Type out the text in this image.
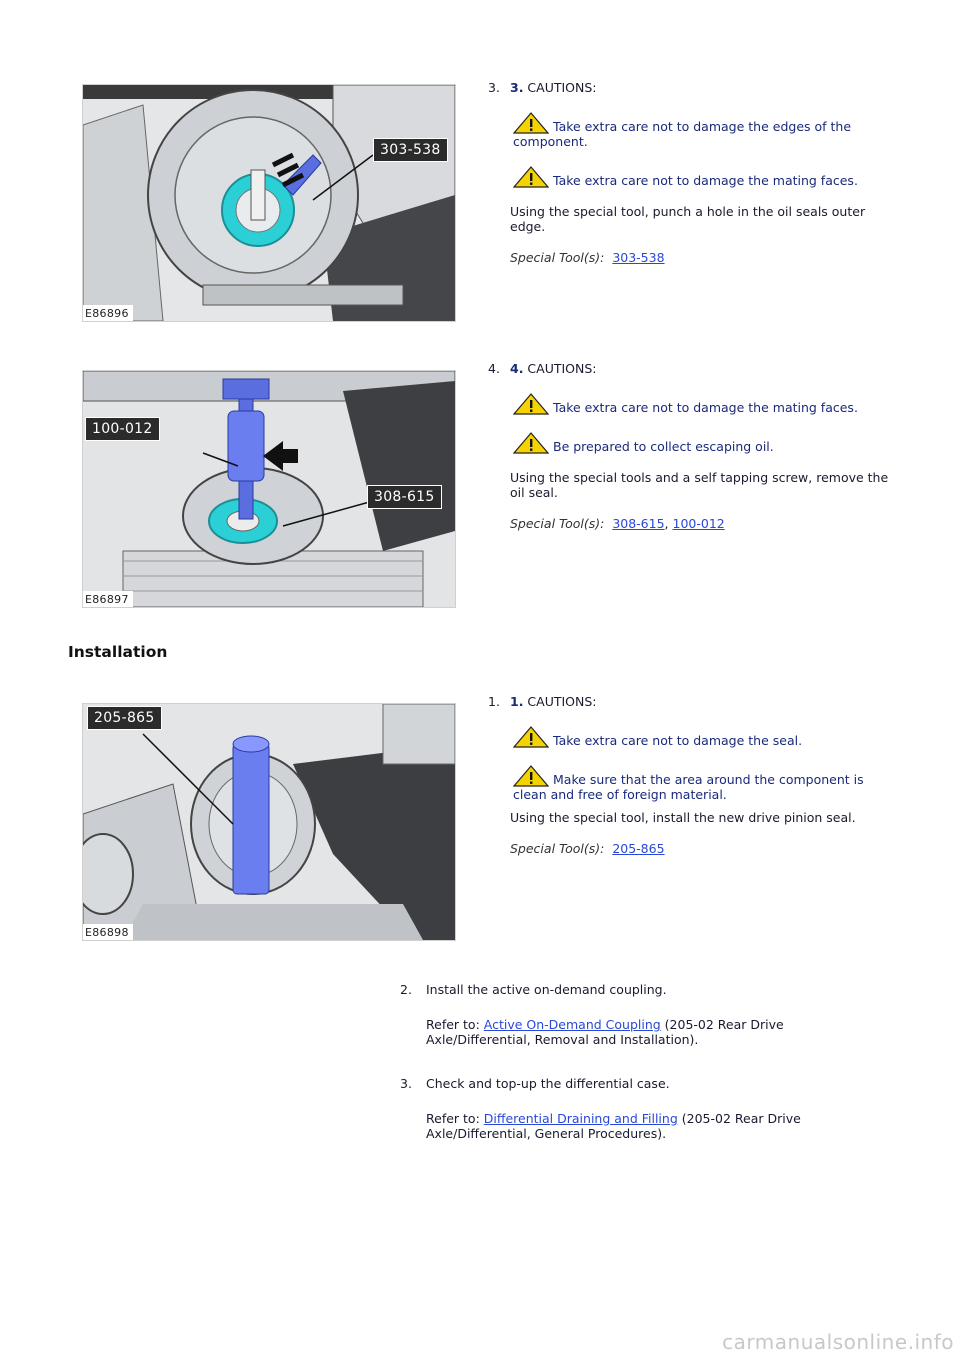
303-538
E86896
3. 3. CAUTIONS:
Take extra care not to damage the edges of the component.
Take extra care not to damage the mating faces.
Using the special tool, punch a hole in the oil seals outer edge.
Special Tool(s): 303-538
100-012
308-615
E86897
4. 4. CAUTIONS:
Take extra care not to damage the mating faces.
Be prepared to collect escaping oil.
Using the special tools and a self tapping screw, remove the oil seal.
Special Tool(s): 308-615, 100-012
Installation
205-865
E86898
1. 1. CAUTIONS:
Take extra care not to damage the seal.
Make sure that the area around the component is clean and free of foreign material.
Using the special tool, install the new drive pinion seal.
Special Tool(s): 205-865
2. Install the active on-demand coupling.
Refer to: Active On-Demand Coupling (205-02 Rear Drive Axle/Differential, Removal and Installation).
3. Check and top-up the differential case.
Refer to: Differential Draining and Filling (205-02 Rear Drive Axle/Differential, General Procedures).
carmanualsonline.info
